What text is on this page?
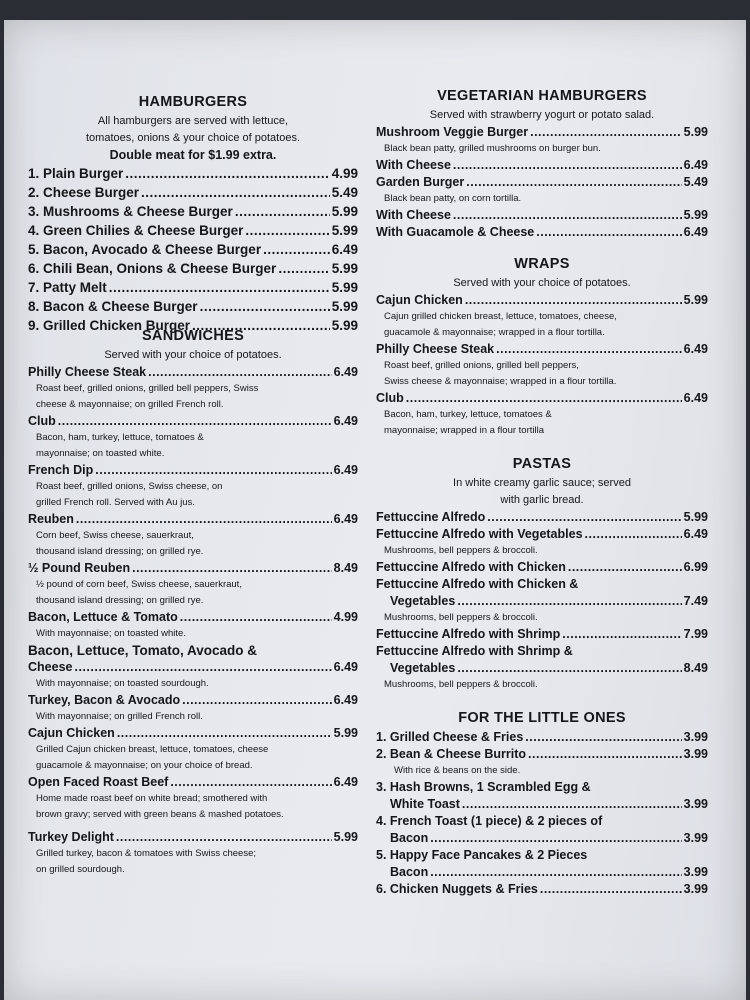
HAMBURGERS
All hamburgers are served with lettuce,
tomatoes, onions & your choice of potatoes.
Double meat for $1.99 extra.
1. Plain Burger .....	4.99
2. Cheese Burger .....	5.49
3. Mushrooms & Cheese Burger .....	5.99
4. Green Chilies & Cheese Burger .....	5.99
5. Bacon, Avocado & Cheese Burger .....	6.49
6. Chili Bean, Onions & Cheese Burger .....	5.99
7. Patty Melt .....	5.99
8. Bacon & Cheese Burger .....	5.99
9. Grilled Chicken Burger .....	5.99
SANDWICHES
Served with your choice of potatoes.
Philly Cheese Steak .....	6.49
Roast beef, grilled onions, grilled bell peppers, Swiss
cheese & mayonnaise; on grilled French roll.
Club .....	6.49
Bacon, ham, turkey, lettuce, tomatoes &
mayonnaise; on toasted white.
French Dip .....	6.49
Roast beef, grilled onions, Swiss cheese, on
grilled French roll. Served with Au jus.
Reuben .....	6.49
Corn beef, Swiss cheese, sauerkraut,
thousand island dressing; on grilled rye.
½ Pound Reuben .....	8.49
½ pound of corn beef, Swiss cheese, sauerkraut,
thousand island dressing; on grilled rye.
Bacon, Lettuce & Tomato .....	4.99
With mayonnaise; on toasted white.
Bacon, Lettuce, Tomato, Avocado &
Cheese .....	6.49
With mayonnaise; on toasted sourdough.
Turkey, Bacon & Avocado .....	6.49
With mayonnaise; on grilled French roll.
Cajun Chicken .....	5.99
Grilled Cajun chicken breast, lettuce, tomatoes, cheese
guacamole & mayonnaise; on your choice of bread.
Open Faced Roast Beef .....	6.49
Home made roast beef on white bread; smothered with
brown gravy; served with green beans & mashed potatoes.
Turkey Delight .....	5.99
Grilled turkey, bacon & tomatoes with Swiss cheese;
on grilled sourdough.
VEGETARIAN HAMBURGERS
Served with strawberry yogurt or potato salad.
Mushroom Veggie Burger .....	5.99
Black bean patty, grilled mushrooms on burger bun.
With Cheese .....	6.49
Garden Burger .....	5.49
Black bean patty, on corn tortilla.
With Cheese .....	5.99
With Guacamole & Cheese .....	6.49
WRAPS
Served with your choice of potatoes.
Cajun Chicken .....	5.99
Cajun grilled chicken breast, lettuce, tomatoes, cheese,
guacamole & mayonnaise; wrapped in a flour tortilla.
Philly Cheese Steak .....	6.49
Roast beef, grilled onions, grilled bell peppers,
Swiss cheese & mayonnaise; wrapped in a flour tortilla.
Club .....	6.49
Bacon, ham, turkey, lettuce, tomatoes &
mayonnaise; wrapped in a flour tortilla
PASTAS
In white creamy garlic sauce; served
with garlic bread.
Fettuccine Alfredo .....	5.99
Fettuccine Alfredo with Vegetables .....	6.49
Mushrooms, bell peppers & broccoli.
Fettuccine Alfredo with Chicken .....	6.99
Fettuccine Alfredo with Chicken &
Vegetables .....	7.49
Mushrooms, bell peppers & broccoli.
Fettuccine Alfredo with Shrimp .....	7.99
Fettuccine Alfredo with Shrimp &
Vegetables .....	8.49
Mushrooms, bell peppers & broccoli.
FOR THE LITTLE ONES
1. Grilled Cheese & Fries .....	3.99
2. Bean & Cheese Burrito .....	3.99
With rice & beans on the side.
3. Hash Browns, 1 Scrambled Egg &
White Toast .....	3.99
4. French Toast (1 piece) & 2 pieces of
Bacon .....	3.99
5. Happy Face Pancakes & 2 Pieces
Bacon .....	3.99
6. Chicken Nuggets & Fries .....	3.99
